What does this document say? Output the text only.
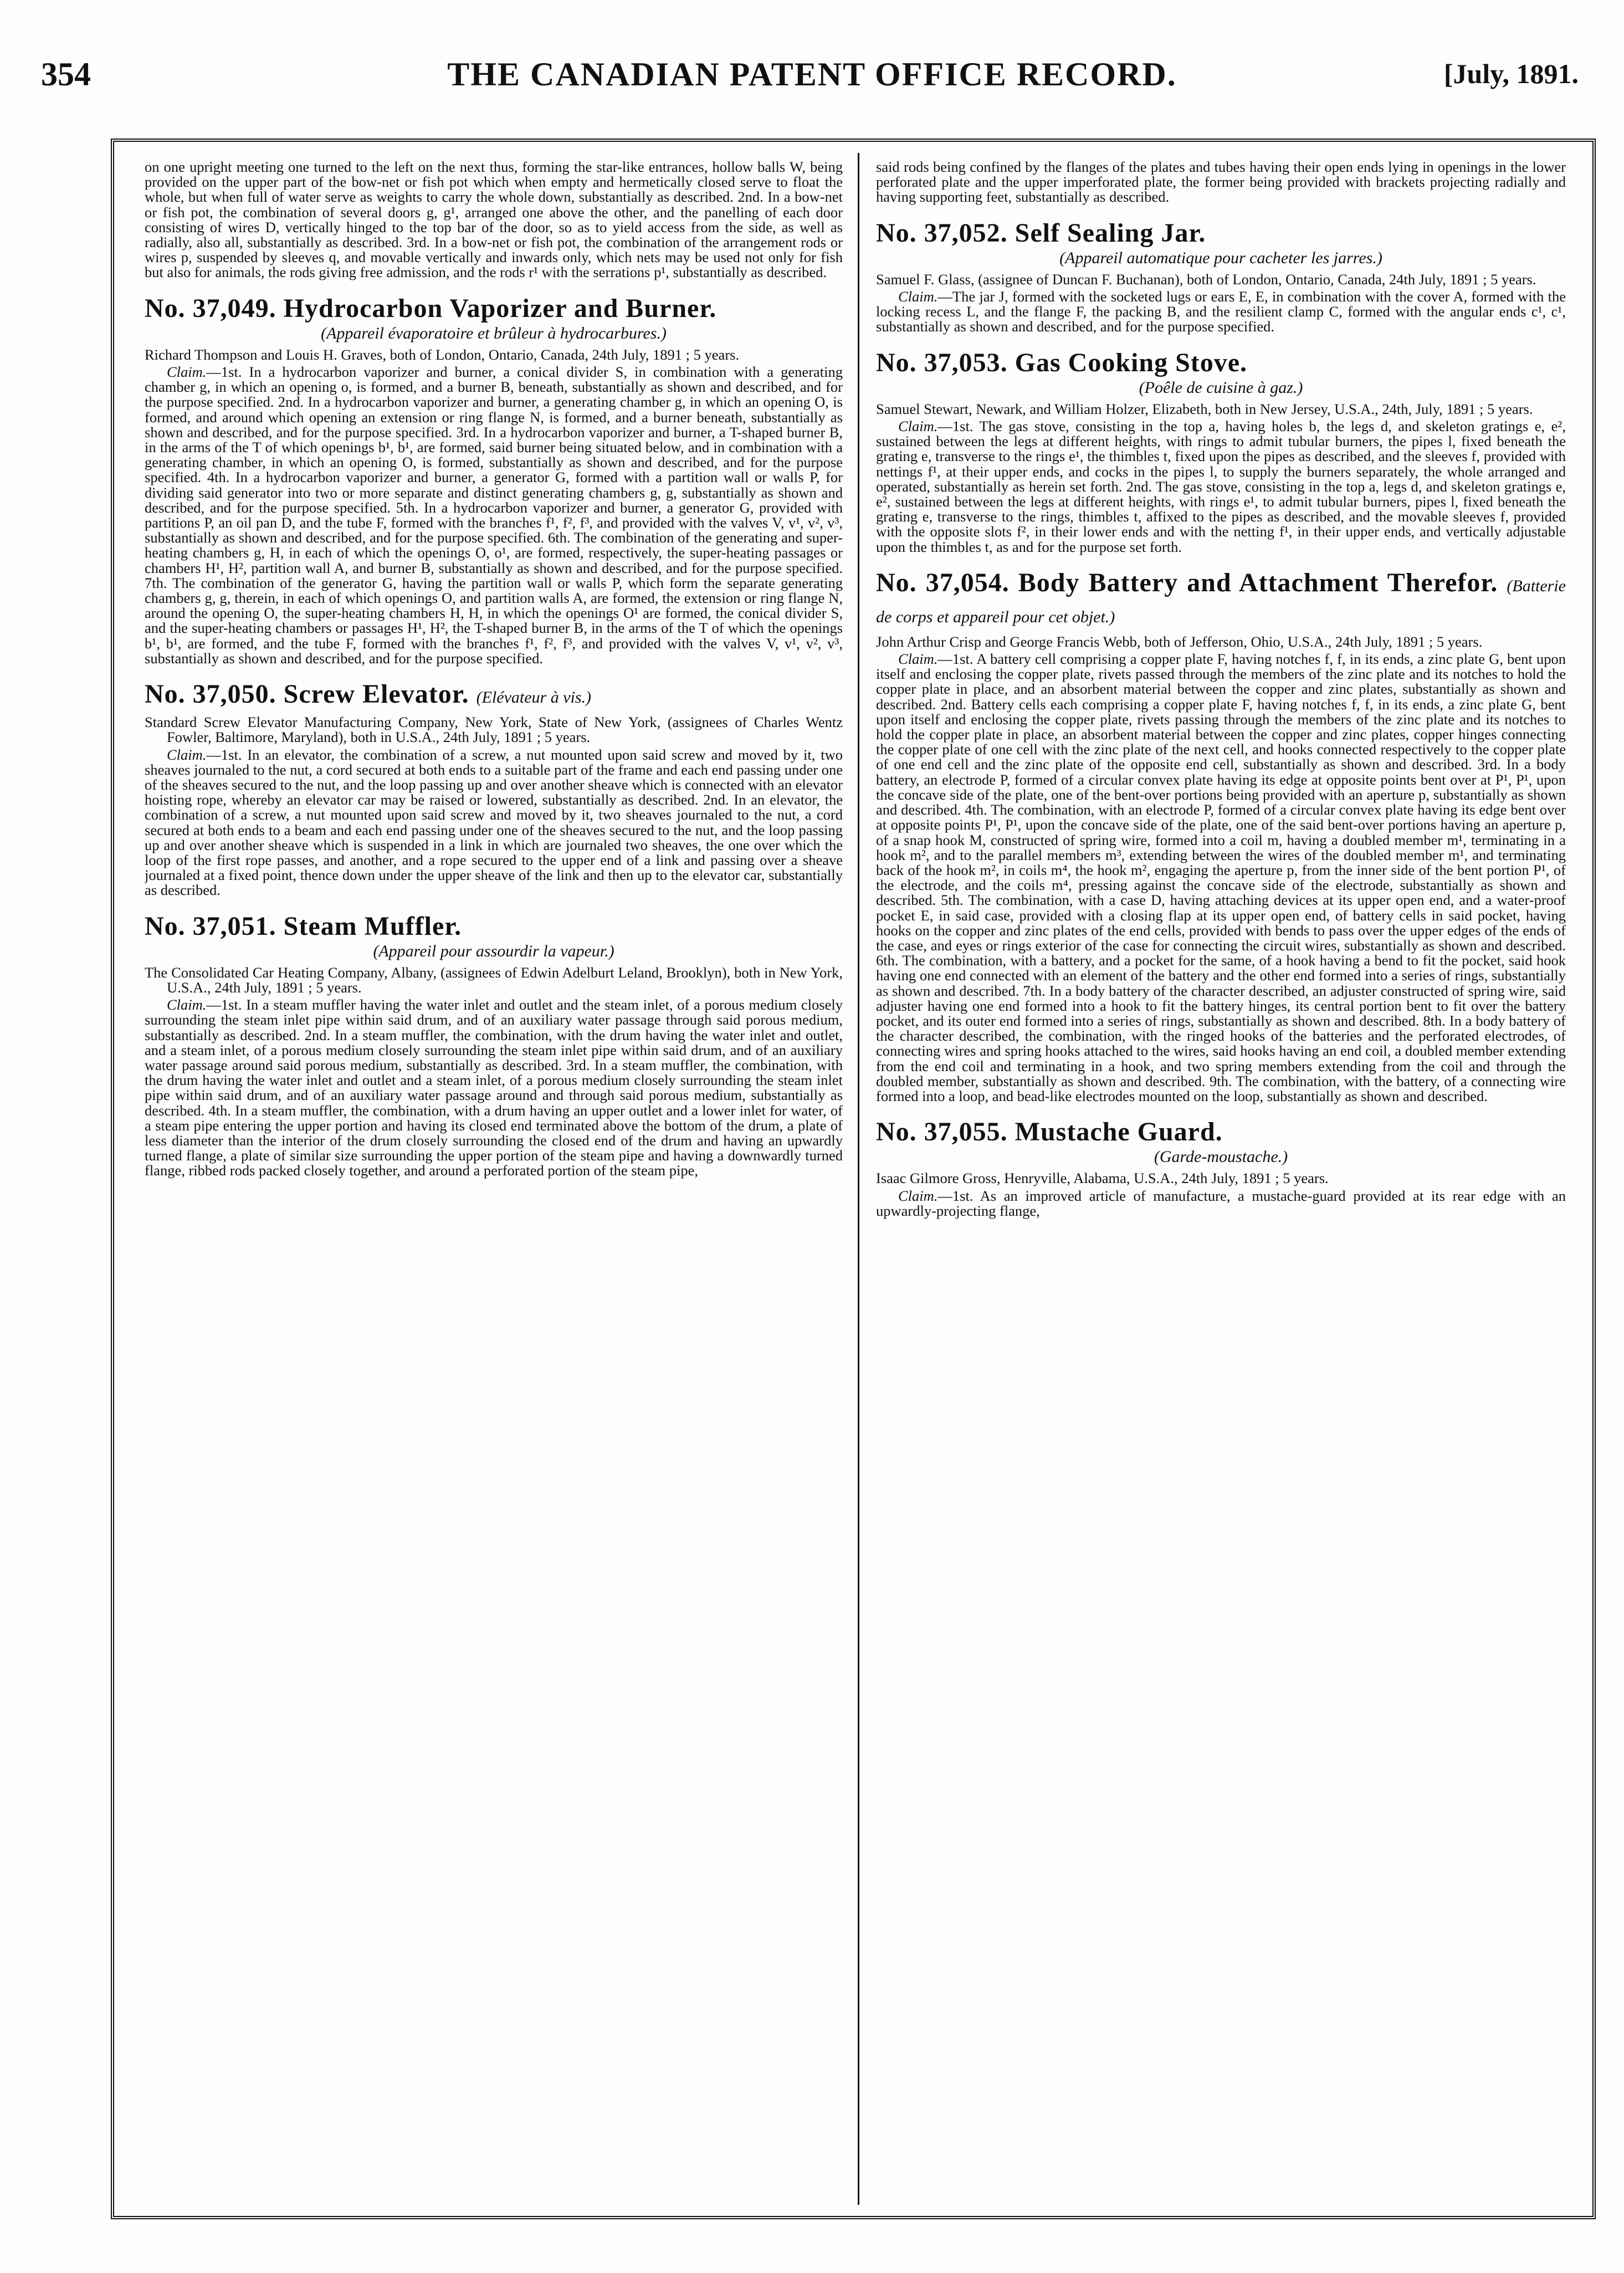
354	THE CANADIAN PATENT OFFICE RECORD.	[July, 1891.

on one upright meeting one turned to the left on the next thus, forming the star-like entrances, hollow balls W, being provided on the upper part of the bow-net or fish pot which when empty and hermetically closed serve to float the whole, but when full of water serve as weights to carry the whole down, substantially as described. 2nd. In a bow-net or fish pot, the combination of several doors g, g¹, arranged one above the other, and the panelling of each door consisting of wires D, vertically hinged to the top bar of the door, so as to yield access from the side, as well as radially, also all, substantially as described. 3rd. In a bow-net or fish pot, the combination of the arrangement rods or wires p, suspended by sleeves q, and movable vertically and inwards only, which nets may be used not only for fish but also for animals, the rods giving free admission, and the rods r¹ with the serrations p¹, substantially as described.

No. 37,049. Hydrocarbon Vaporizer and Burner.

(Appareil évaporatoire et brûleur à hydrocarbures.)

Richard Thompson and Louis H. Graves, both of London, Ontario, Canada, 24th July, 1891 ; 5 years.

Claim.—1st. In a hydrocarbon vaporizer and burner, a conical divider S, in combination with a generating chamber g, in which an opening o, is formed, and a burner B, beneath, substantially as shown and described, and for the purpose specified. 2nd. In a hydrocarbon vaporizer and burner, a generating chamber g, in which an opening O, is formed, and around which opening an extension or ring flange N, is formed, and a burner beneath, substantially as shown and described, and for the purpose specified. 3rd. In a hydrocarbon vaporizer and burner, a T-shaped burner B, in the arms of the T of which openings b¹, b¹, are formed, said burner being situated below, and in combination with a generating chamber, in which an opening O, is formed, substantially as shown and described, and for the purpose specified. 4th. In a hydrocarbon vaporizer and burner, a generator G, formed with a partition wall or walls P, for dividing said generator into two or more separate and distinct generating chambers g, g, substantially as shown and described, and for the purpose specified. 5th. In a hydrocarbon vaporizer and burner, a generator G, provided with partitions P, an oil pan D, and the tube F, formed with the branches f¹, f², f³, and provided with the valves V, v¹, v², v³, substantially as shown and described, and for the purpose specified. 6th. The combination of the generating and super-heating chambers g, H, in each of which the openings O, o¹, are formed, respectively, the super-heating passages or chambers H¹, H², partition wall A, and burner B, substantially as shown and described, and for the purpose specified. 7th. The combination of the generator G, having the partition wall or walls P, which form the separate generating chambers g, g, therein, in each of which openings O, and partition walls A, are formed, the extension or ring flange N, around the opening O, the super-heating chambers H, H, in which the openings O¹ are formed, the conical divider S, and the super-heating chambers or passages H¹, H², the T-shaped burner B, in the arms of the T of which the openings b¹, b¹, are formed, and the tube F, formed with the branches f¹, f², f³, and provided with the valves V, v¹, v², v³, substantially as shown and described, and for the purpose specified.

No. 37,050. Screw Elevator. (Elévateur à vis.)

Standard Screw Elevator Manufacturing Company, New York, State of New York, (assignees of Charles Wentz Fowler, Baltimore, Maryland), both in U.S.A., 24th July, 1891 ; 5 years.

Claim.—1st. In an elevator, the combination of a screw, a nut mounted upon said screw and moved by it, two sheaves journaled to the nut, a cord secured at both ends to a suitable part of the frame and each end passing under one of the sheaves secured to the nut, and the loop passing up and over another sheave which is connected with an elevator hoisting rope, whereby an elevator car may be raised or lowered, substantially as described. 2nd. In an elevator, the combination of a screw, a nut mounted upon said screw and moved by it, two sheaves journaled to the nut, a cord secured at both ends to a beam and each end passing under one of the sheaves secured to the nut, and the loop passing up and over another sheave which is suspended in a link in which are journaled two sheaves, the one over which the loop of the first rope passes, and another, and a rope secured to the upper end of a link and passing over a sheave journaled at a fixed point, thence down under the upper sheave of the link and then up to the elevator car, substantially as described.

No. 37,051. Steam Muffler.

(Appareil pour assourdir la vapeur.)

The Consolidated Car Heating Company, Albany, (assignees of Edwin Adelburt Leland, Brooklyn), both in New York, U.S.A., 24th July, 1891 ; 5 years.

Claim.—1st. In a steam muffler having the water inlet and outlet and the steam inlet, of a porous medium closely surrounding the steam inlet pipe within said drum, and of an auxiliary water passage through said porous medium, substantially as described. 2nd. In a steam muffler, the combination, with the drum having the water inlet and outlet, and a steam inlet, of a porous medium closely surrounding the steam inlet pipe within said drum, and of an auxiliary water passage around said porous medium, substantially as described. 3rd. In a steam muffler, the combination, with the drum having the water inlet and outlet and a steam inlet, of a porous medium closely surrounding the steam inlet pipe within said drum, and of an auxiliary water passage around and through said porous medium, substantially as described. 4th. In a steam muffler, the combination, with a drum having an upper outlet and a lower inlet for water, of a steam pipe entering the upper portion and having its closed end terminated above the bottom of the drum, a plate of less diameter than the interior of the drum closely surrounding the closed end of the drum and having an upwardly turned flange, a plate of similar size surrounding the upper portion of the steam pipe and having a downwardly turned flange, ribbed rods packed closely together, and around a perforated portion of the steam pipe,

said rods being confined by the flanges of the plates and tubes having their open ends lying in openings in the lower perforated plate and the upper imperforated plate, the former being provided with brackets projecting radially and having supporting feet, substantially as described.

No. 37,052. Self Sealing Jar.

(Appareil automatique pour cacheter les jarres.)

Samuel F. Glass, (assignee of Duncan F. Buchanan), both of London, Ontario, Canada, 24th July, 1891 ; 5 years.

Claim.—The jar J, formed with the socketed lugs or ears E, E, in combination with the cover A, formed with the locking recess L, and the flange F, the packing B, and the resilient clamp C, formed with the angular ends c¹, c¹, substantially as shown and described, and for the purpose specified.

No. 37,053. Gas Cooking Stove.

(Poêle de cuisine à gaz.)

Samuel Stewart, Newark, and William Holzer, Elizabeth, both in New Jersey, U.S.A., 24th, July, 1891 ; 5 years.

Claim.—1st. The gas stove, consisting in the top a, having holes b, the legs d, and skeleton gratings e, e², sustained between the legs at different heights, with rings to admit tubular burners, the pipes l, fixed beneath the grating e, transverse to the rings e¹, the thimbles t, fixed upon the pipes as described, and the sleeves f, provided with nettings f¹, at their upper ends, and cocks in the pipes l, to supply the burners separately, the whole arranged and operated, substantially as herein set forth. 2nd. The gas stove, consisting in the top a, legs d, and skeleton gratings e, e², sustained between the legs at different heights, with rings e¹, to admit tubular burners, pipes l, fixed beneath the grating e, transverse to the rings, thimbles t, affixed to the pipes as described, and the movable sleeves f, provided with the opposite slots f², in their lower ends and with the netting f¹, in their upper ends, and vertically adjustable upon the thimbles t, as and for the purpose set forth.

No. 37,054. Body Battery and Attachment Therefor. (Batterie de corps et appareil pour cet objet.)

John Arthur Crisp and George Francis Webb, both of Jefferson, Ohio, U.S.A., 24th July, 1891 ; 5 years.

Claim.—1st. A battery cell comprising a copper plate F, having notches f, f, in its ends, a zinc plate G, bent upon itself and enclosing the copper plate, rivets passed through the members of the zinc plate and its notches to hold the copper plate in place, and an absorbent material between the copper and zinc plates, substantially as shown and described. 2nd. Battery cells each comprising a copper plate F, having notches f, f, in its ends, a zinc plate G, bent upon itself and enclosing the copper plate, rivets passing through the members of the zinc plate and its notches to hold the copper plate in place, an absorbent material between the copper and zinc plates, copper hinges connecting the copper plate of one cell with the zinc plate of the next cell, and hooks connected respectively to the copper plate of one end cell and the zinc plate of the opposite end cell, substantially as shown and described. 3rd. In a body battery, an electrode P, formed of a circular convex plate having its edge at opposite points bent over at P¹, P¹, upon the concave side of the plate, one of the bent-over portions being provided with an aperture p, substantially as shown and described. 4th. The combination, with an electrode P, formed of a circular convex plate having its edge bent over at opposite points P¹, P¹, upon the concave side of the plate, one of the said bent-over portions having an aperture p, of a snap hook M, constructed of spring wire, formed into a coil m, having a doubled member m¹, terminating in a hook m², and to the parallel members m³, extending between the wires of the doubled member m¹, and terminating back of the hook m², in coils m⁴, the hook m², engaging the aperture p, from the inner side of the bent portion P¹, of the electrode, and the coils m⁴, pressing against the concave side of the electrode, substantially as shown and described. 5th. The combination, with a case D, having attaching devices at its upper open end, and a water-proof pocket E, in said case, provided with a closing flap at its upper open end, of battery cells in said pocket, having hooks on the copper and zinc plates of the end cells, provided with bends to pass over the upper edges of the ends of the case, and eyes or rings exterior of the case for connecting the circuit wires, substantially as shown and described. 6th. The combination, with a battery, and a pocket for the same, of a hook having a bend to fit the pocket, said hook having one end connected with an element of the battery and the other end formed into a series of rings, substantially as shown and described. 7th. In a body battery of the character described, an adjuster constructed of spring wire, said adjuster having one end formed into a hook to fit the battery hinges, its central portion bent to fit over the battery pocket, and its outer end formed into a series of rings, substantially as shown and described. 8th. In a body battery of the character described, the combination, with the ringed hooks of the batteries and the perforated electrodes, of connecting wires and spring hooks attached to the wires, said hooks having an end coil, a doubled member extending from the end coil and terminating in a hook, and two spring members extending from the coil and through the doubled member, substantially as shown and described. 9th. The combination, with the battery, of a connecting wire formed into a loop, and bead-like electrodes mounted on the loop, substantially as shown and described.

No. 37,055. Mustache Guard.

(Garde-moustache.)

Isaac Gilmore Gross, Henryville, Alabama, U.S.A., 24th July, 1891 ; 5 years.

Claim.—1st. As an improved article of manufacture, a mustache-guard provided at its rear edge with an upwardly-projecting flange,
